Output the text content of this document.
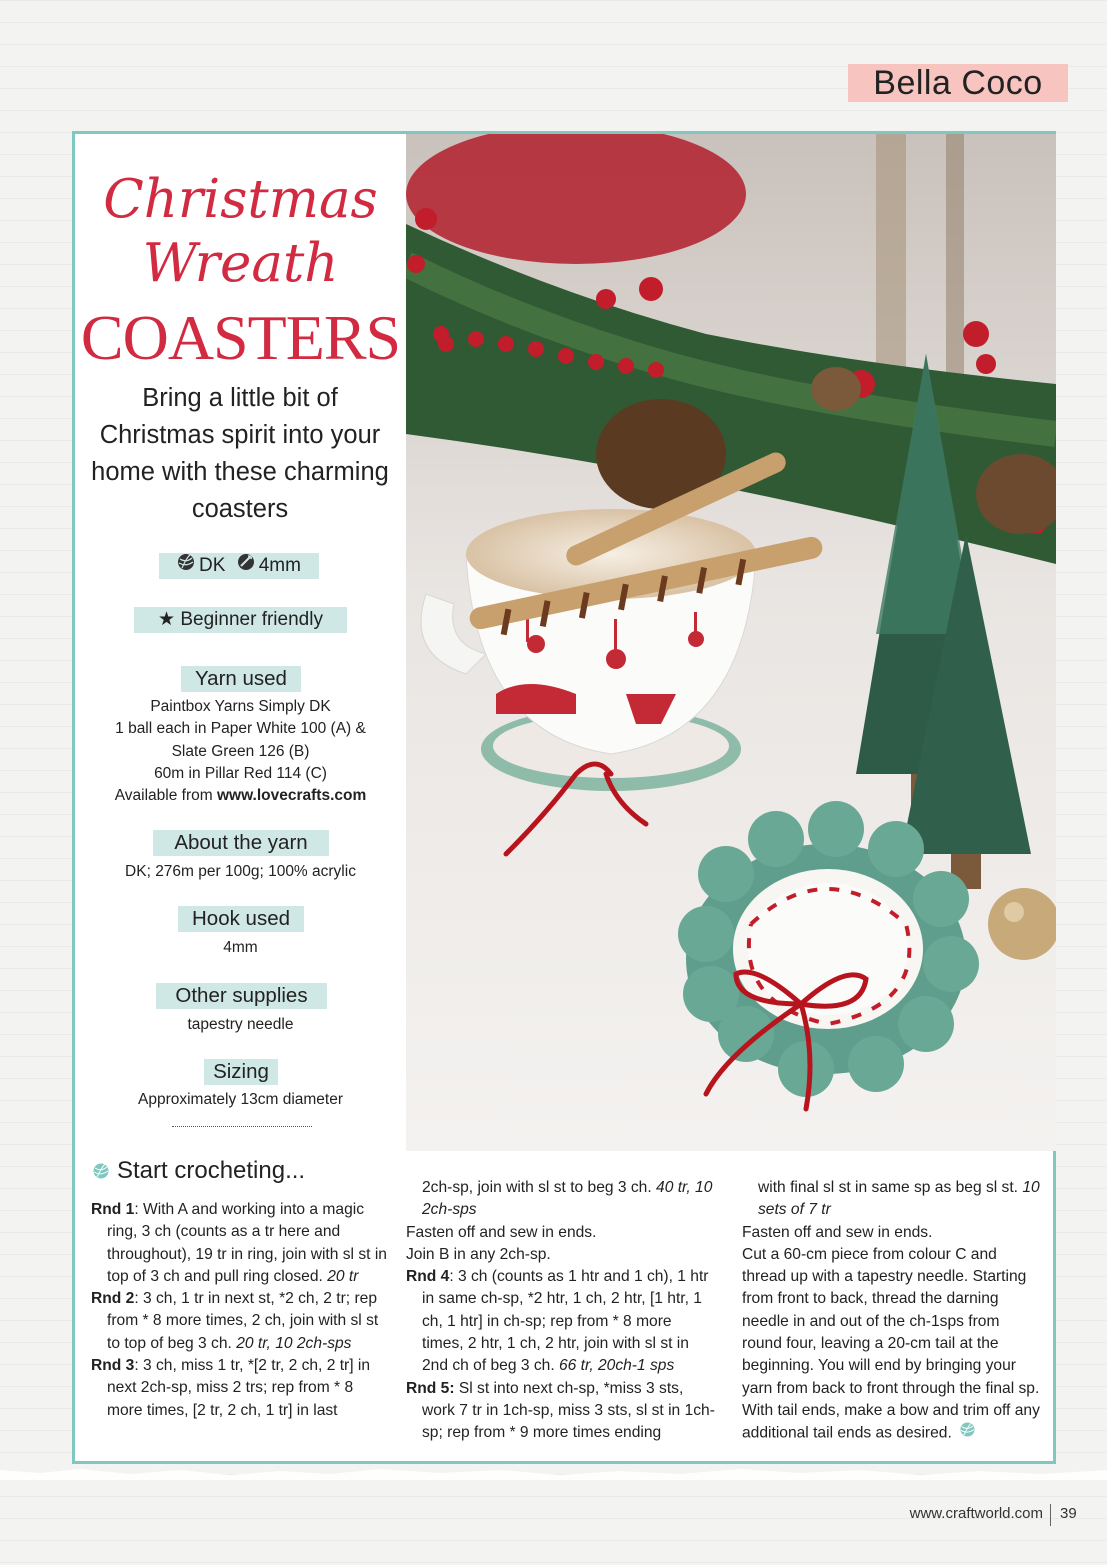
Bella Coco
Christmas
Wreath
COASTERS
Bring a little bit of Christmas spirit into your home with these charming coasters
DK 4mm
★ Beginner friendly
Yarn used
Paintbox Yarns Simply DK
1 ball each in Paper White 100 (A) &
Slate Green 126 (B)
60m in Pillar Red 114 (C)
Available from www.lovecrafts.com
About the yarn
DK; 276m per 100g; 100% acrylic
Hook used
4mm
Other supplies
tapestry needle
Sizing
Approximately 13cm diameter
Start crocheting...
Rnd 1: With A and working into a magic ring, 3 ch (counts as a tr here and throughout), 19 tr in ring, join with sl st in top of 3 ch and pull ring closed. 20 tr
Rnd 2: 3 ch, 1 tr in next st, *2 ch, 2 tr; rep from * 8 more times, 2 ch, join with sl st to top of beg 3 ch. 20 tr, 10 2ch-sps
Rnd 3: 3 ch, miss 1 tr, *[2 tr, 2 ch, 2 tr] in next 2ch-sp, miss 2 trs; rep from * 8 more times, [2 tr, 2 ch, 1 tr] in last
2ch-sp, join with sl st to beg 3 ch. 40 tr, 10 2ch-sps
Fasten off and sew in ends.
Join B in any 2ch-sp.
Rnd 4: 3 ch (counts as 1 htr and 1 ch), 1 htr in same ch-sp, *2 htr, 1 ch, 2 htr, [1 htr, 1 ch, 1 htr] in ch-sp; rep from * 8 more times, 2 htr, 1 ch, 2 htr, join with sl st in 2nd ch of beg 3 ch. 66 tr, 20ch-1 sps
Rnd 5: Sl st into next ch-sp, *miss 3 sts, work 7 tr in 1ch-sp, miss 3 sts, sl st in 1ch-sp; rep from * 9 more times ending
with final sl st in same sp as beg sl st. 10 sets of 7 tr
Fasten off and sew in ends.
Cut a 60-cm piece from colour C and thread up with a tapestry needle. Starting from front to back, thread the darning needle in and out of the ch-1sps from round four, leaving a 20-cm tail at the beginning. You will end by bringing your yarn from back to front through the final sp. With tail ends, make a bow and trim off any additional tail ends as desired.
www.craftworld.com 39
